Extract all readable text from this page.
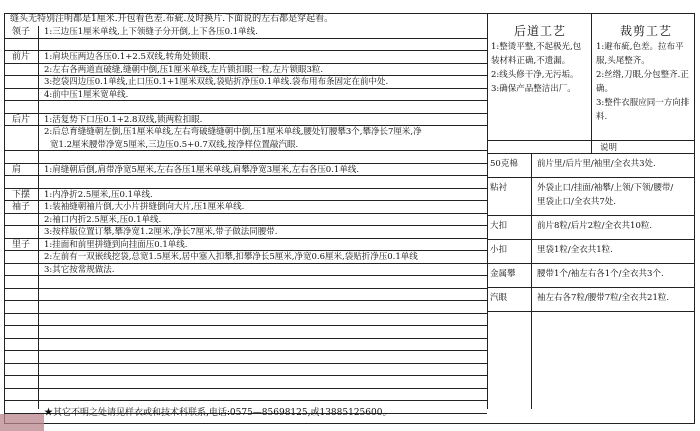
缝头无特别注明都是1厘米.开包看色差.布疵.及时换片.下面说的左右都是穿起看。
领子	1:三边压1厘米单线,上下领缝子分开倒,上下各压0.1单线.
前片	1:肩块压两边各压0.1+2.5双线,转角处锁眼.
2:左右各两道直破缝,缝朝中倒,压1厘米单线,左片锁扣眼一粒,左片锁眼3粒.
3:挖袋四边压0.1单线,止口压0.1+1厘米双线,袋贴折净压0.1单线.袋布用布条固定在前中处.
4:前中压1厘米宽单线.
后片	1:活复势下口压0.1+2.8双线,锁两粒扣眼.
2:后总育缝缝朝左倒,压1厘米单线,左右弯破缝缝朝中倒,压1厘米单线,腰处钉腰攀3个,攀净长7厘米,净
宽1.2厘米腰带净宽5厘米,三边压0.5+0.7双线,按净样位置敲汽眼.
肩	1:肩缝朝后倒,肩带净宽5厘米,左右各压1厘米单线,肩攀净宽3厘米,左右各压0.1单线.
下摆	1:内净折2.5厘米,压0.1单线.
袖子	1:装袖缝朝袖片倒,大小片拼缝倒向大片,压1厘米单线.
2:袖口内折2.5厘米,压0.1单线.
3:按样版位置订攀,攀净宽1.2厘米,净长7厘米,带子做法同腰带.
里子	1:挂面和前里拼缝到向挂面压0.1单线.
2:左前有一双嵌线挖袋,总宽1.5厘米,居中塞入扣攀,扣攀净长5厘米,净宽0.6厘米,袋贴折净压0.1单线
3:其它按常规做法.
后道工艺
1:整烫平整,不起极光,包装材料正确,不遗漏。
2:线头修干净,无污垢。
3:确保产品整洁出厂。
裁剪工艺
1:避布疵,色差。拉布平服,头尾整齐。
2:丝绺,刀眼,分包整齐.正确。
3:整件衣服应同一方向排料.
说明
50克棉	前片里/后片里/袖里/全衣共3处.
粘衬	外袋止口/挂面/袖攀/上领/下领/腰带/
里袋止口/全衣共7处.
大扣	前片8粒/后片2粒/全衣共10粒.
小扣	里袋1粒/全衣共1粒.
金属攀	腰带1个/袖左右各1个/全衣共3个.
汽眼	袖左右各7粒/腰带7粒/全衣共21粒.
★其它不明之处请见样衣或和技术科联系,电话:0575—85698125,或13885125600。
